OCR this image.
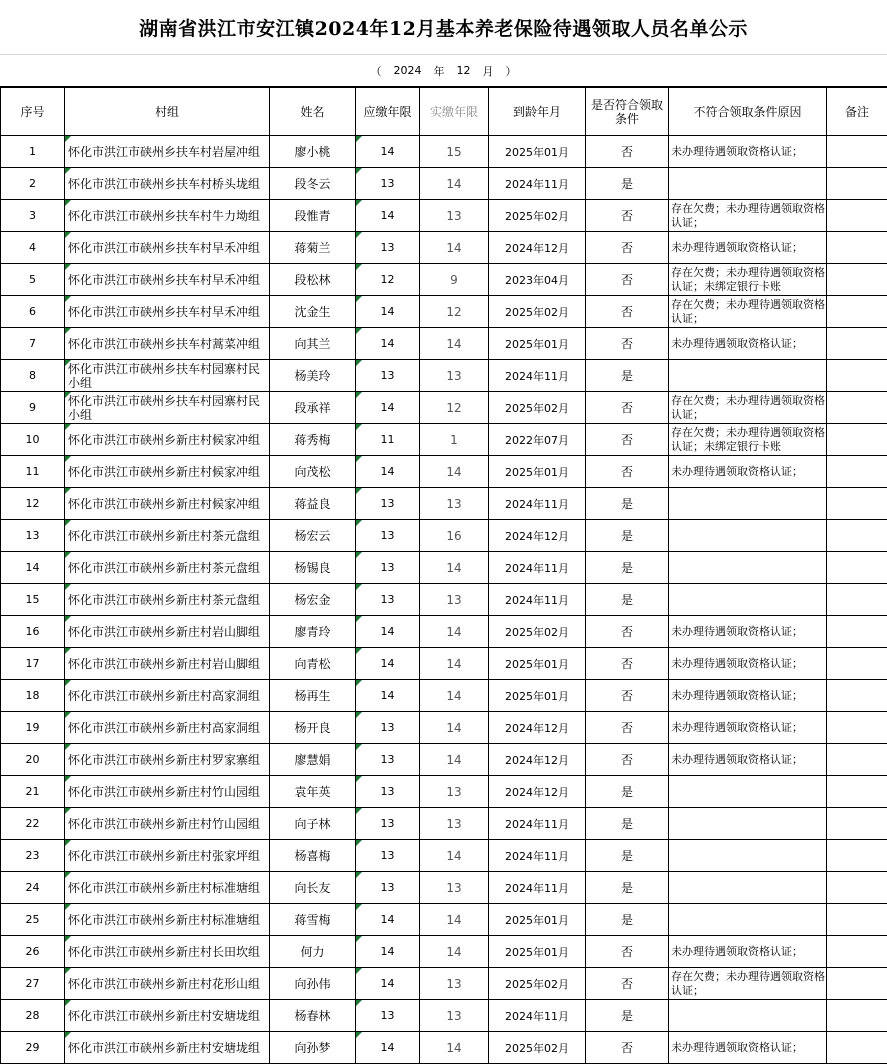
湖南省洪江市安江镇2024年12月基本养老保险待遇领取人员名单公示
（ 2024 年 12 月 ）
序号	村组	姓名	应缴年限	实缴年限	到龄年月	是否符合领取条件	不符合领取条件原因	备注
1	怀化市洪江市硖州乡扶车村岩屋冲组	廖小桃	14	15	2025年01月	否	未办理待遇领取资格认证；	
2	怀化市洪江市硖州乡扶车村桥头垅组	段冬云	13	14	2024年11月	是		
3	怀化市洪江市硖州乡扶车村牛力坳组	段惟青	14	13	2025年02月	否	存在欠费；未办理待遇领取资格认证；	
4	怀化市洪江市硖州乡扶车村早禾冲组	蒋菊兰	13	14	2024年12月	否	未办理待遇领取资格认证；	
5	怀化市洪江市硖州乡扶车村早禾冲组	段松林	12	9	2023年04月	否	存在欠费；未办理待遇领取资格认证；未绑定银行卡账	
6	怀化市洪江市硖州乡扶车村早禾冲组	沈金生	14	12	2025年02月	否	存在欠费；未办理待遇领取资格认证；	
7	怀化市洪江市硖州乡扶车村蒿菜冲组	向其兰	14	14	2025年01月	否	未办理待遇领取资格认证；	
8	怀化市洪江市硖州乡扶车村园寨村民小组	杨美玲	13	13	2024年11月	是		
9	怀化市洪江市硖州乡扶车村园寨村民小组	段承祥	14	12	2025年02月	否	存在欠费；未办理待遇领取资格认证；	
10	怀化市洪江市硖州乡新庄村候家冲组	蒋秀梅	11	1	2022年07月	否	存在欠费；未办理待遇领取资格认证；未绑定银行卡账	
11	怀化市洪江市硖州乡新庄村候家冲组	向茂松	14	14	2025年01月	否	未办理待遇领取资格认证；	
12	怀化市洪江市硖州乡新庄村候家冲组	蒋益良	13	13	2024年11月	是		
13	怀化市洪江市硖州乡新庄村茶元盘组	杨宏云	13	16	2024年12月	是		
14	怀化市洪江市硖州乡新庄村茶元盘组	杨锡良	13	14	2024年11月	是		
15	怀化市洪江市硖州乡新庄村茶元盘组	杨宏金	13	13	2024年11月	是		
16	怀化市洪江市硖州乡新庄村岩山脚组	廖青玲	14	14	2025年02月	否	未办理待遇领取资格认证；	
17	怀化市洪江市硖州乡新庄村岩山脚组	向青松	14	14	2025年01月	否	未办理待遇领取资格认证；	
18	怀化市洪江市硖州乡新庄村高家洞组	杨再生	14	14	2025年01月	否	未办理待遇领取资格认证；	
19	怀化市洪江市硖州乡新庄村高家洞组	杨开良	13	14	2024年12月	否	未办理待遇领取资格认证；	
20	怀化市洪江市硖州乡新庄村罗家寨组	廖慧娟	13	14	2024年12月	否	未办理待遇领取资格认证；	
21	怀化市洪江市硖州乡新庄村竹山园组	袁年英	13	13	2024年12月	是		
22	怀化市洪江市硖州乡新庄村竹山园组	向子林	13	13	2024年11月	是		
23	怀化市洪江市硖州乡新庄村张家坪组	杨喜梅	13	14	2024年11月	是		
24	怀化市洪江市硖州乡新庄村标准塘组	向长友	13	13	2024年11月	是		
25	怀化市洪江市硖州乡新庄村标准塘组	蒋雪梅	14	14	2025年01月	是		
26	怀化市洪江市硖州乡新庄村长田坎组	何力	14	14	2025年01月	否	未办理待遇领取资格认证；	
27	怀化市洪江市硖州乡新庄村花形山组	向孙伟	14	13	2025年02月	否	存在欠费；未办理待遇领取资格认证；	
28	怀化市洪江市硖州乡新庄村安塘垅组	杨春林	13	13	2024年11月	是		
29	怀化市洪江市硖州乡新庄村安塘垅组	向孙梦	14	14	2025年02月	否	未办理待遇领取资格认证；	
